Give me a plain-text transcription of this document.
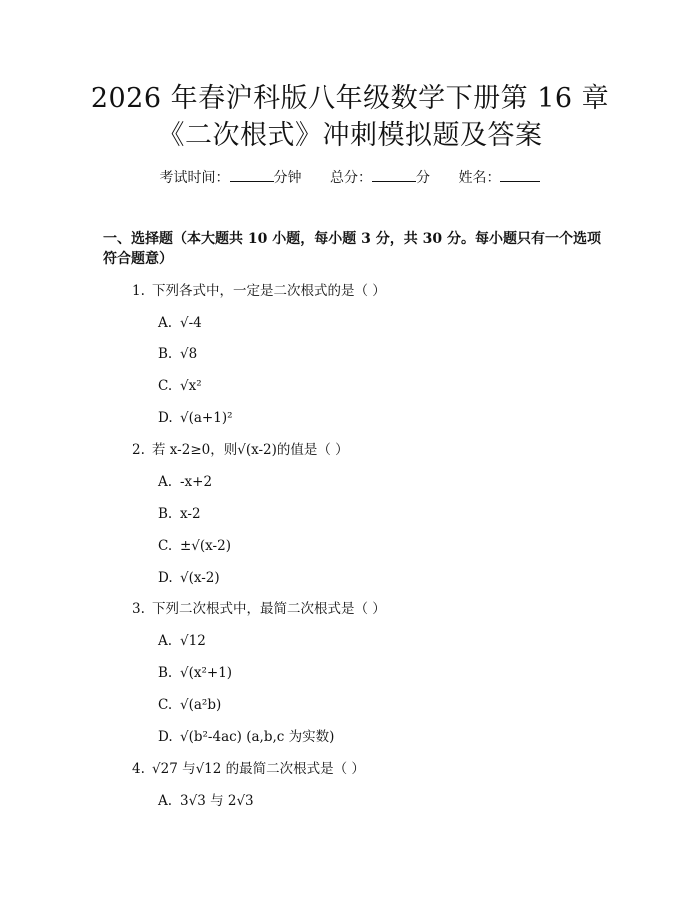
2026 年春沪科版八年级数学下册第 16 章
《二次根式》冲刺模拟题及答案
考试时间：	分钟 总分：	分 姓名：
一、选择题（本大题共 10 小题，每小题 3 分，共 30 分。每小题只有一个选项符合题意）
1. 下列各式中，一定是二次根式的是（ ）
A. √-4
B. √8
C. √x²
D. √(a+1)²
2. 若 x-2≥0，则√(x-2)的值是（ ）
A. -x+2
B. x-2
C. ±√(x-2)
D. √(x-2)
3. 下列二次根式中，最简二次根式是（ ）
A. √12
B. √(x²+1)
C. √(a²b)
D. √(b²-4ac) (a,b,c 为实数)
4. √27 与√12 的最简二次根式是（ ）
A. 3√3 与 2√3
